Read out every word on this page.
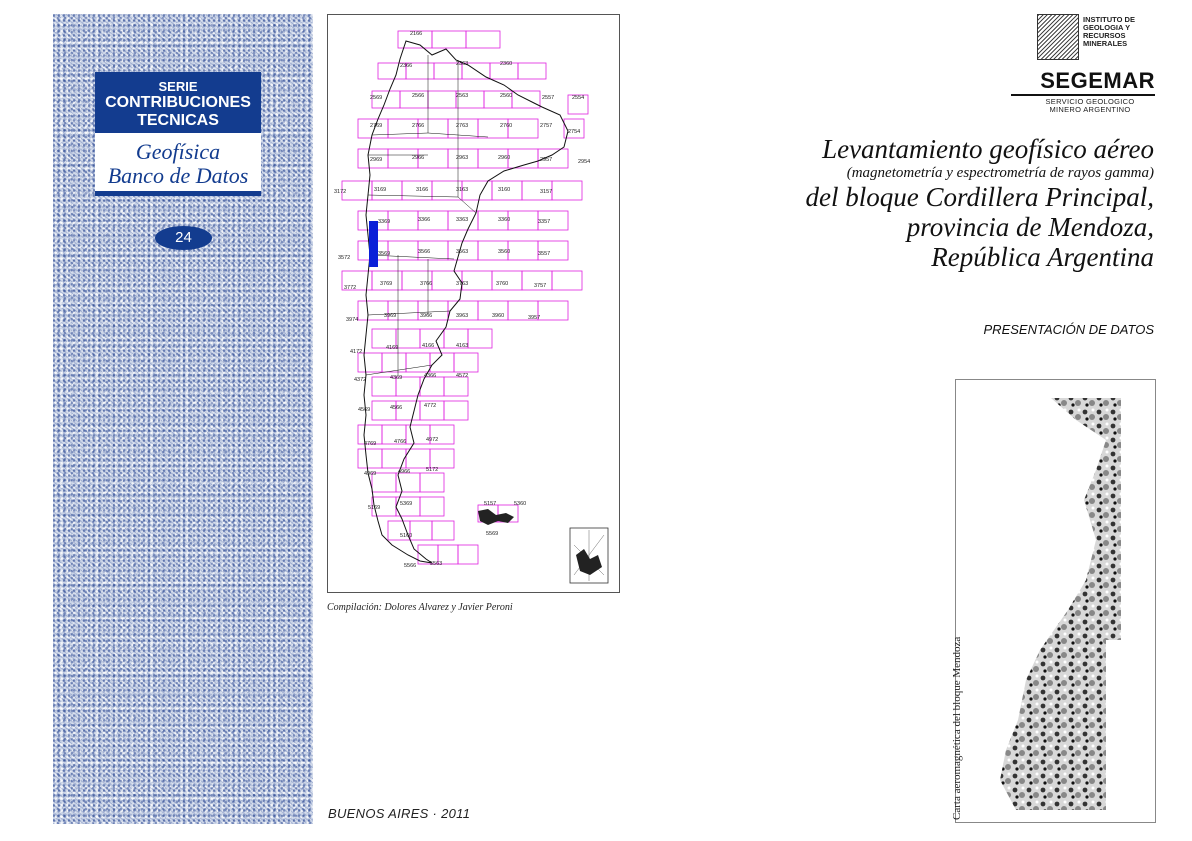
SERIE
CONTRIBUCIONES
TECNICAS
Geofísica
Banco de Datos
24
2166
2366	2363	2360
2569	2566	2563	2560	2557	2554
2769	2766	2763	2760	2757
2754
2969	2966	2963	2960	2957	2954
3172	3169	3166	3163	3160	3157
3369	3366	3363	3360	3357
3572
3569	3566	3563	3560	3557
3772
3769	3766	3763	3760	3757
3974
3969	3966	3963	3960	3957
4172
4169	4166	4163
4372	4369	4366	4572
4569	4566	4772
4769	4766	4972
4969	4966	5172
5169
5369
5160
5157	5360
5569
5566	5563
Compilación: Dolores Alvarez y Javier Peroni
BUENOS AIRES · 2011
INSTITUTO DE
GEOLOGIA Y
RECURSOS
MINERALES
SEGEMAR
SERVICIO GEOLOGICO
MINERO ARGENTINO
Levantamiento geofísico aéreo
(magnetometría y espectrometría de rayos gamma)
del bloque Cordillera Principal,
provincia de Mendoza,
República Argentina
PRESENTACIÓN DE DATOS
Carta aeromagnética del bloque Mendoza
